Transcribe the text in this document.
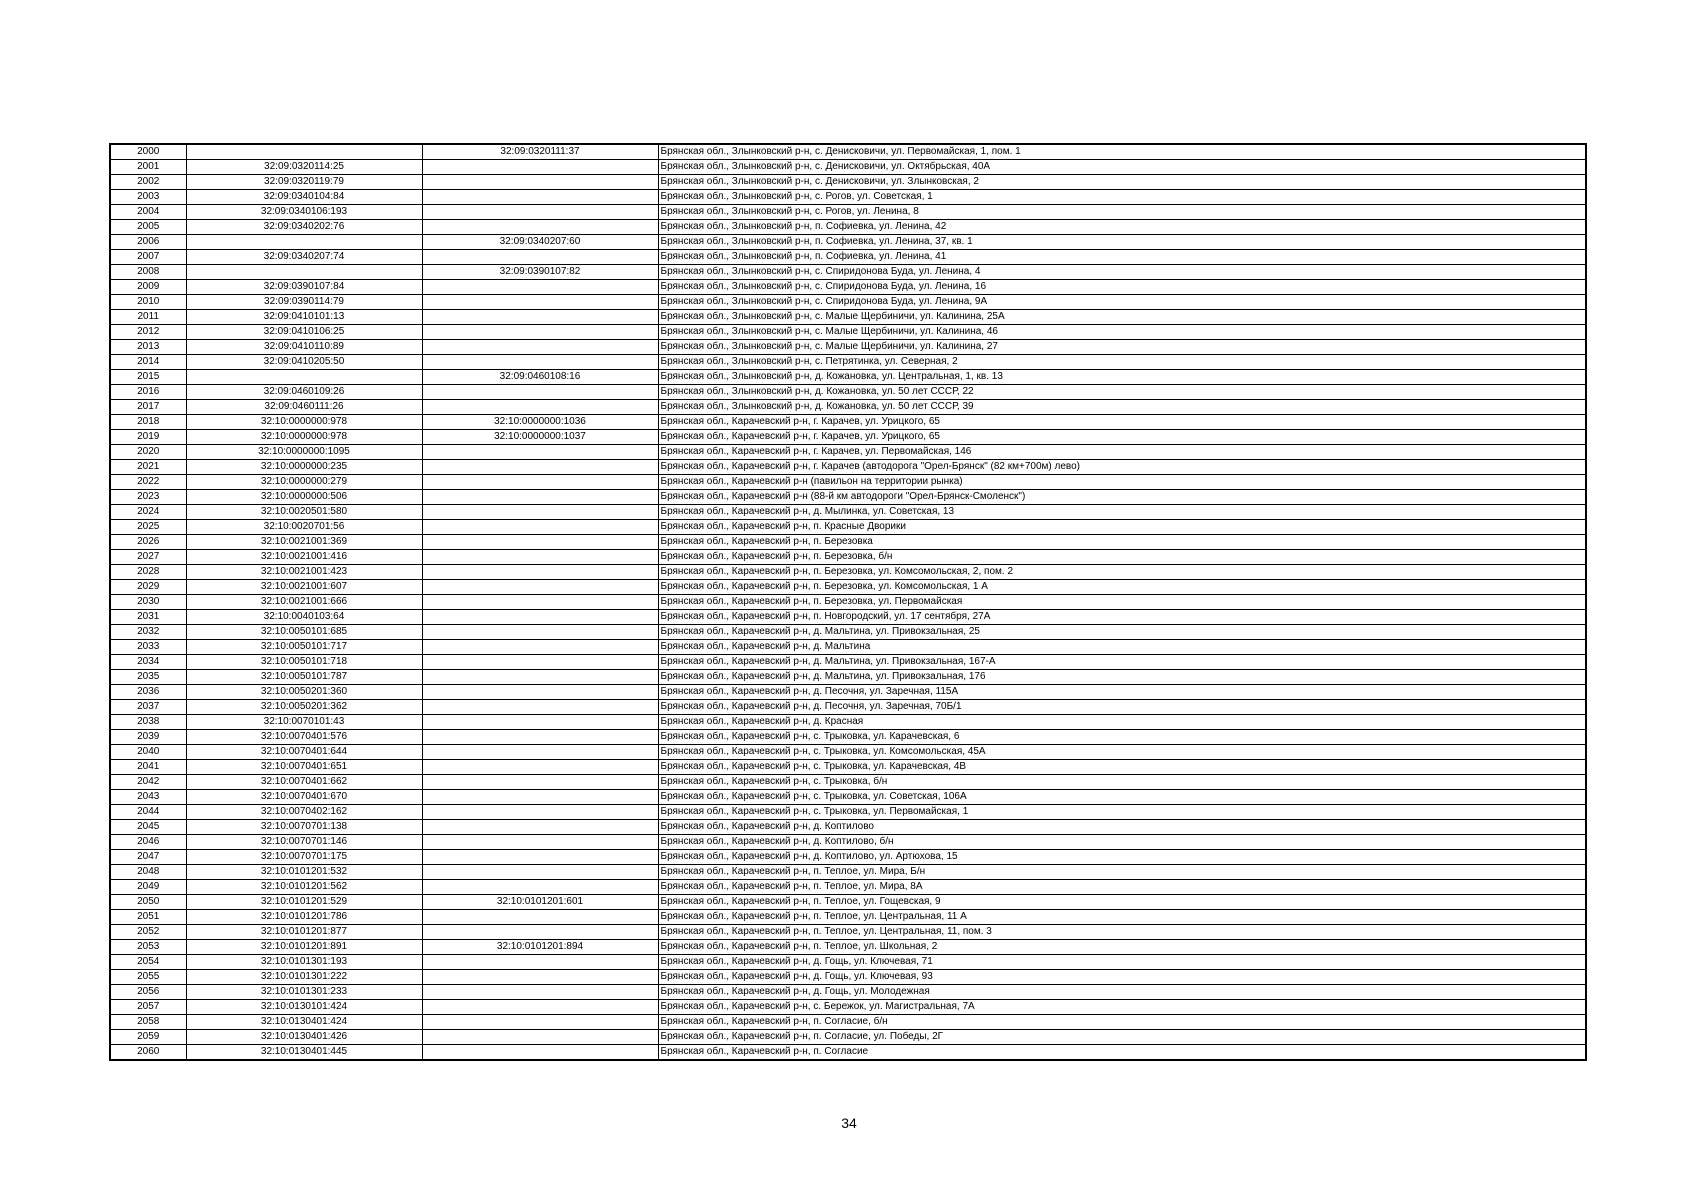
2000		32:09:0320111:37	Брянская обл., Злынковский р-н, с. Денисковичи, ул. Первомайская, 1, пом. 1
2001	32:09:0320114:25		Брянская обл., Злынковский р-н, с. Денисковичи, ул. Октябрьская, 40А
2002	32:09:0320119:79		Брянская обл., Злынковский р-н, с. Денисковичи, ул. Злынковская, 2
2003	32:09:0340104:84		Брянская обл., Злынковский р-н, с. Рогов, ул. Советская, 1
2004	32:09:0340106:193		Брянская обл., Злынковский р-н, с. Рогов, ул. Ленина, 8
2005	32:09:0340202:76		Брянская обл., Злынковский р-н, п. Софиевка, ул. Ленина, 42
2006		32:09:0340207:60	Брянская обл., Злынковский р-н, п. Софиевка, ул. Ленина, 37, кв. 1
2007	32:09:0340207:74		Брянская обл., Злынковский р-н, п. Софиевка, ул. Ленина, 41
2008		32:09:0390107:82	Брянская обл., Злынковский р-н, с. Спиридонова Буда, ул. Ленина, 4
2009	32:09:0390107:84		Брянская обл., Злынковский р-н, с. Спиридонова Буда, ул. Ленина, 16
2010	32:09:0390114:79		Брянская обл., Злынковский р-н, с. Спиридонова Буда, ул. Ленина, 9А
2011	32:09:0410101:13		Брянская обл., Злынковский р-н, с. Малые Щербиничи, ул. Калинина, 25А
2012	32:09:0410106:25		Брянская обл., Злынковский р-н, с. Малые Щербиничи, ул. Калинина, 46
2013	32:09:0410110:89		Брянская обл., Злынковский р-н, с. Малые Щербиничи, ул. Калинина, 27
2014	32:09:0410205:50		Брянская обл., Злынковский р-н, с. Петрятинка, ул. Северная, 2
2015		32:09:0460108:16	Брянская обл., Злынковский р-н, д. Кожановка, ул. Центральная, 1, кв. 13
2016	32:09:0460109:26		Брянская обл., Злынковский р-н, д. Кожановка, ул. 50 лет СССР, 22
2017	32:09:0460111:26		Брянская обл., Злынковский р-н, д. Кожановка, ул. 50 лет СССР, 39
2018	32:10:0000000:978	32:10:0000000:1036	Брянская обл., Карачевский р-н, г. Карачев, ул. Урицкого, 65
2019	32:10:0000000:978	32:10:0000000:1037	Брянская обл., Карачевский р-н, г. Карачев, ул. Урицкого, 65
2020	32:10:0000000:1095		Брянская обл., Карачевский р-н, г. Карачев, ул. Первомайская, 146
2021	32:10:0000000:235		Брянская обл., Карачевский р-н, г. Карачев (автодорога "Орел-Брянск" (82 км+700м) лево)
2022	32:10:0000000:279		Брянская обл., Карачевский р-н (павильон на территории рынка)
2023	32:10:0000000:506		Брянская обл., Карачевский р-н (88-й км автодороги "Орел-Брянск-Смоленск")
2024	32:10:0020501:580		Брянская обл., Карачевский р-н, д. Мылинка, ул. Советская, 13
2025	32:10:0020701:56		Брянская обл., Карачевский р-н, п. Красные Дворики
2026	32:10:0021001:369		Брянская обл., Карачевский р-н, п. Березовка
2027	32:10:0021001:416		Брянская обл., Карачевский р-н, п. Березовка, б/н
2028	32:10:0021001:423		Брянская обл., Карачевский р-н, п. Березовка, ул. Комсомольская, 2, пом. 2
2029	32:10:0021001:607		Брянская обл., Карачевский р-н, п. Березовка, ул. Комсомольская, 1 А
2030	32:10:0021001:666		Брянская обл., Карачевский р-н, п. Березовка, ул. Первомайская
2031	32:10:0040103:64		Брянская обл., Карачевский р-н, п. Новгородский, ул. 17 сентября, 27А
2032	32:10:0050101:685		Брянская обл., Карачевский р-н, д. Мальтина, ул. Привокзальная, 25
2033	32:10:0050101:717		Брянская обл., Карачевский р-н, д. Мальтина
2034	32:10:0050101:718		Брянская обл., Карачевский р-н, д. Мальтина, ул. Привокзальная, 167-А
2035	32:10:0050101:787		Брянская обл., Карачевский р-н, д. Мальтина, ул. Привокзальная, 176
2036	32:10:0050201:360		Брянская обл., Карачевский р-н, д. Песочня, ул. Заречная, 115А
2037	32:10:0050201:362		Брянская обл., Карачевский р-н, д. Песочня, ул. Заречная, 70Б/1
2038	32:10:0070101:43		Брянская обл., Карачевский р-н, д. Красная
2039	32:10:0070401:576		Брянская обл., Карачевский р-н, с. Трыковка, ул. Карачевская, 6
2040	32:10:0070401:644		Брянская обл., Карачевский р-н, с. Трыковка, ул. Комсомольская, 45А
2041	32:10:0070401:651		Брянская обл., Карачевский р-н, с. Трыковка, ул. Карачевская, 4В
2042	32:10:0070401:662		Брянская обл., Карачевский р-н, с. Трыковка, б/н
2043	32:10:0070401:670		Брянская обл., Карачевский р-н, с. Трыковка, ул. Советская, 106А
2044	32:10:0070402:162		Брянская обл., Карачевский р-н, с. Трыковка, ул. Первомайская, 1
2045	32:10:0070701:138		Брянская обл., Карачевский р-н, д. Коптилово
2046	32:10:0070701:146		Брянская обл., Карачевский р-н, д. Коптилово, б/н
2047	32:10:0070701:175		Брянская обл., Карачевский р-н, д. Коптилово, ул. Артюхова, 15
2048	32:10:0101201:532		Брянская обл., Карачевский р-н, п. Теплое, ул. Мира, Б/н
2049	32:10:0101201:562		Брянская обл., Карачевский р-н, п. Теплое, ул. Мира, 8А
2050	32:10:0101201:529	32:10:0101201:601	Брянская обл., Карачевский р-н, п. Теплое, ул. Гощевская, 9
2051	32:10:0101201:786		Брянская обл., Карачевский р-н, п. Теплое, ул. Центральная, 11 А
2052	32:10:0101201:877		Брянская обл., Карачевский р-н, п. Теплое, ул. Центральная, 11, пом. 3
2053	32:10:0101201:891	32:10:0101201:894	Брянская обл., Карачевский р-н, п. Теплое, ул. Школьная, 2
2054	32:10:0101301:193		Брянская обл., Карачевский р-н, д. Гощь, ул. Ключевая, 71
2055	32:10:0101301:222		Брянская обл., Карачевский р-н, д. Гощь, ул. Ключевая, 93
2056	32:10:0101301:233		Брянская обл., Карачевский р-н, д. Гощь, ул. Молодежная
2057	32:10:0130101:424		Брянская обл., Карачевский р-н, с. Бережок, ул. Магистральная, 7А
2058	32:10:0130401:424		Брянская обл., Карачевский р-н, п. Согласие, б/н
2059	32:10:0130401:426		Брянская обл., Карачевский р-н, п. Согласие, ул. Победы, 2Г
2060	32:10:0130401:445		Брянская обл., Карачевский р-н, п. Согласие
34
